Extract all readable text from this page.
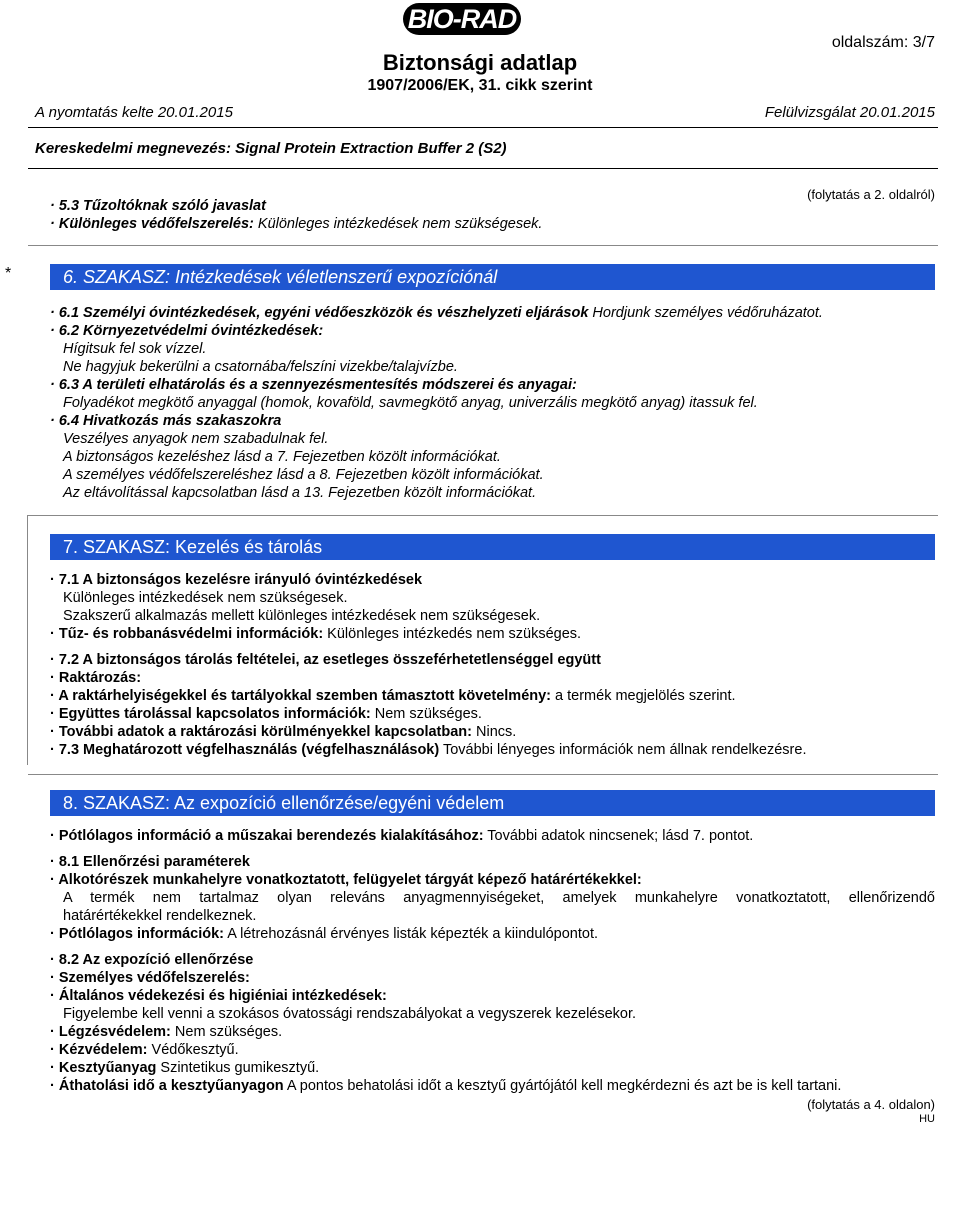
BIO-RAD
oldalszám: 3/7
Biztonsági adatlap
1907/2006/EK, 31. cikk szerint
A nyomtatás kelte 20.01.2015	Felülvizsgálat 20.01.2015
Kereskedelmi megnevezés: Signal Protein Extraction Buffer 2 (S2)
(folytatás a 2. oldalról)
· 5.3 Tűzoltóknak szóló javaslat
· Különleges védőfelszerelés: Különleges intézkedések nem szükségesek.
*	6. SZAKASZ: Intézkedések véletlenszerű expozíciónál
· 6.1 Személyi óvintézkedések, egyéni védőeszközök és vészhelyzeti eljárások Hordjunk személyes védőruházatot.
· 6.2 Környezetvédelmi óvintézkedések:
Hígitsuk fel sok vízzel.
Ne hagyjuk bekerülni a csatornába/felszíni vizekbe/talajvízbe.
· 6.3 A területi elhatárolás és a szennyezésmentesítés módszerei és anyagai:
Folyadékot megkötő anyaggal (homok, kovaföld, savmegkötő anyag, univerzális megkötő anyag) itassuk fel.
· 6.4 Hivatkozás más szakaszokra
Veszélyes anyagok nem szabadulnak fel.
A biztonságos kezeléshez lásd a 7. Fejezetben közölt információkat.
A személyes védőfelszereléshez lásd a 8. Fejezetben közölt információkat.
Az eltávolítással kapcsolatban lásd a 13. Fejezetben közölt információkat.
7. SZAKASZ: Kezelés és tárolás
· 7.1 A biztonságos kezelésre irányuló óvintézkedések
Különleges intézkedések nem szükségesek.
Szakszerű alkalmazás mellett különleges intézkedések nem szükségesek.
· Tűz- és robbanásvédelmi információk: Különleges intézkedés nem szükséges.
· 7.2 A biztonságos tárolás feltételei, az esetleges összeférhetetlenséggel együtt
· Raktározás:
· A raktárhelyiségekkel és tartályokkal szemben támasztott követelmény: a termék megjelölés szerint.
· Együttes tárolással kapcsolatos információk: Nem szükséges.
· További adatok a raktározási körülményekkel kapcsolatban: Nincs.
· 7.3 Meghatározott végfelhasználás (végfelhasználások) További lényeges információk nem állnak rendelkezésre.
8. SZAKASZ: Az expozíció ellenőrzése/egyéni védelem
· Pótlólagos információ a műszakai berendezés kialakításához: További adatok nincsenek; lásd 7. pontot.
· 8.1 Ellenőrzési paraméterek
· Alkotórészek munkahelyre vonatkoztatott, felügyelet tárgyát képező határértékekkel:
A termék nem tartalmaz olyan releváns anyagmennyiségeket, amelyek munkahelyre vonatkoztatott, ellenőrizendő
határértékekkel rendelkeznek.
· Pótlólagos információk: A létrehozásnál érvényes listák képezték a kiindulópontot.
· 8.2 Az expozíció ellenőrzése
· Személyes védőfelszerelés:
· Általános védekezési és higiéniai intézkedések:
Figyelembe kell venni a szokásos óvatossági rendszabályokat a vegyszerek kezelésekor.
· Légzésvédelem: Nem szükséges.
· Kézvédelem: Védőkesztyű.
· Kesztyűanyag Szintetikus gumikesztyű.
· Áthatolási idő a kesztyűanyagon A pontos behatolási időt a kesztyű gyártójától kell megkérdezni és azt be is kell tartani.
(folytatás a 4. oldalon)
HU
